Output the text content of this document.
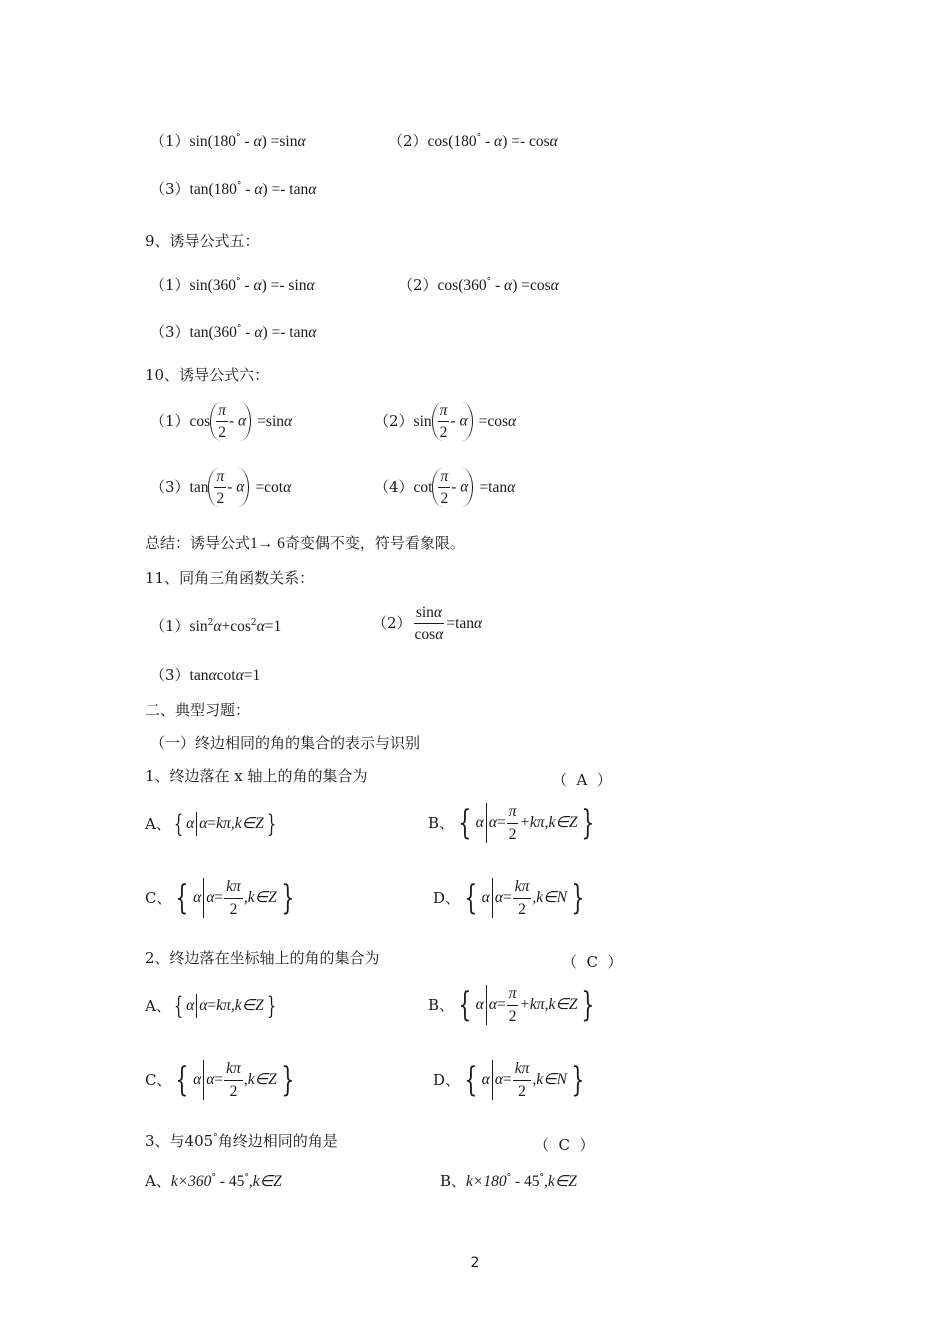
（1）sin(180° - α) =sinα	（2）cos(180° - α) =- cosα
（3）tan(180° - α) =- tanα
9、诱导公式五：
（1）sin(360° - α) =- sinα	（2）cos(360° - α) =cosα
（3）tan(360° - α) =- tanα
10、诱导公式六：
（1） $\cos \frac{\pi}{2} - \alpha =\sin$ α	（2） $\sin \frac{\pi}{2} - \alpha =\cos$ α
（3） $\tan \frac{\pi}{2} - \alpha =\cot$ α	（4） $\cot \frac{\pi}{2} - \alpha =\tan$ α
总结：诱导公式1→ 6奇变偶不变，符号看象限。
11、同角三角函数关系：
$(1)\sin^2\alpha+\cos^2\alpha=1$	$(2) \frac{\sin\alpha}{\cos\alpha} =\tan$ α
（3）tanαcotα=1
二、典型习题：
（一）终边相同的角的集合的表示与识别
1、终边落在 x 轴上的角的集合为	（  A  ）
A、 { α α = kπ ,k∈Z }	B、 { α $\alpha = \frac{\pi}{2} +k\pi$ ,k∈Z }
C、 { α $\alpha = \frac{k\pi}{2}$ ,k∈Z }	D、 { α $\alpha = \frac{k\pi}{2}$ ,k∈N }
2、终边落在坐标轴上的角的集合为	（  C  ）
A、 { α α = kπ ,k∈Z }	B、 { α $\alpha = \frac{\pi}{2} +k\pi$ ,k∈Z }
C、 { α $\alpha = \frac{k\pi}{2}$ ,k∈Z }	D、 { α $\alpha = \frac{k\pi}{2}$ ,k∈N }
3、与405°角终边相同的角是	（  C  ）
A、k×360° - 45°,k∈Z	B、k×180° - 45°,k∈Z
2
